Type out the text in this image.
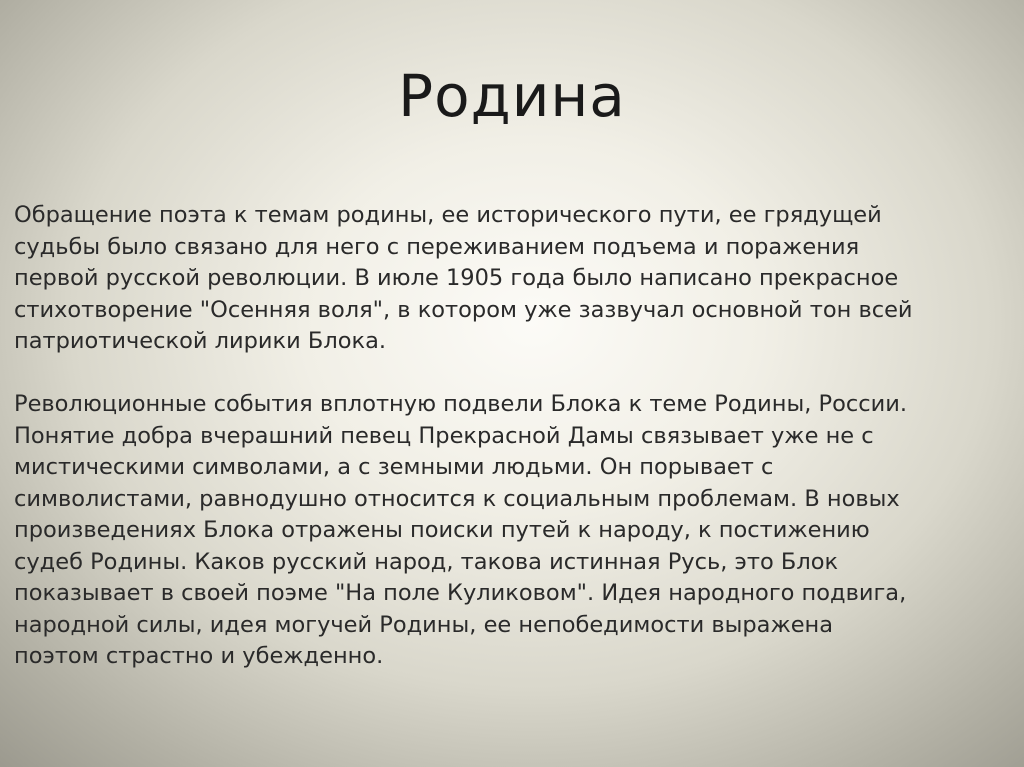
Родина

Обращение поэта к темам родины, ее исторического пути, ее грядущей
судьбы было связано для него с переживанием подъема и поражения
первой русской революции. В июле 1905 года было написано прекрасное
стихотворение "Осенняя воля", в котором уже зазвучал основной тон всей
патриотической лирики Блока.

Революционные события вплотную подвели Блока к теме Родины, России.
Понятие добра вчерашний певец Прекрасной Дамы связывает уже не с
мистическими символами, а с земными людьми. Он порывает с
символистами, равнодушно относится к социальным проблемам. В новых
произведениях Блока отражены поиски путей к народу, к постижению
судеб Родины. Каков русский народ, такова истинная Русь, это Блок
показывает в своей поэме "На поле Куликовом". Идея народного подвига,
народной силы, идея могучей Родины, ее непобедимости выражена
поэтом страстно и убежденно.
